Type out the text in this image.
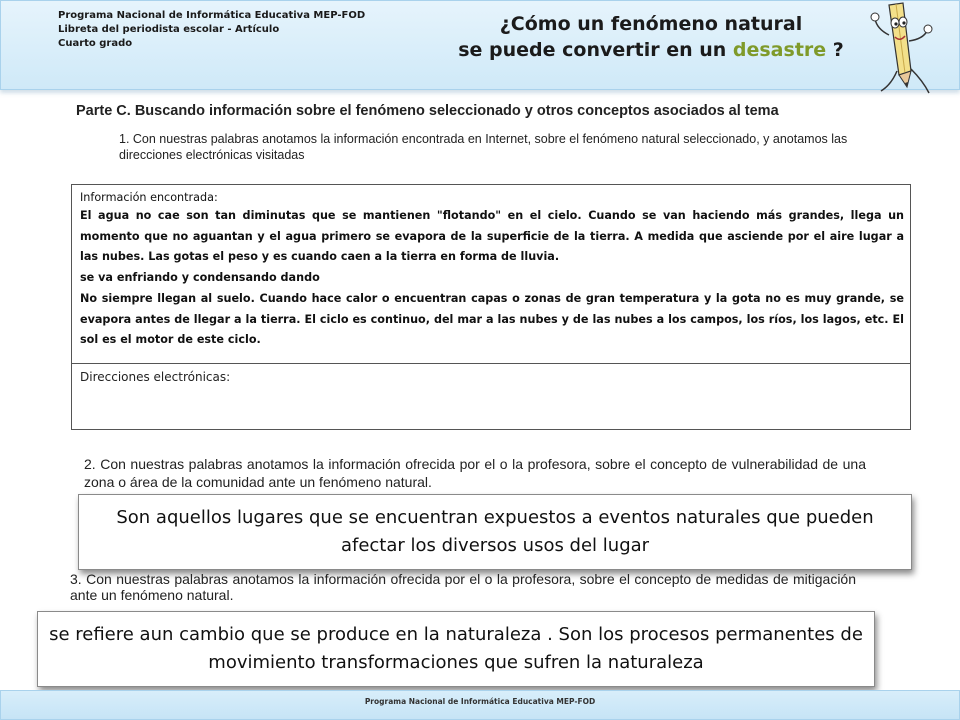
Programa Nacional de Informática Educativa MEP-FOD
Libreta del periodista escolar - Artículo
Cuarto grado
¿Cómo un fenómeno natural
se puede convertir en un desastre ?
Parte C. Buscando información sobre el fenómeno seleccionado y otros conceptos asociados al tema
1. Con nuestras palabras anotamos la información encontrada en Internet, sobre el fenómeno natural seleccionado, y anotamos las direcciones electrónicas visitadas
Información encontrada:
El agua no cae son tan diminutas que se mantienen "flotando" en el cielo. Cuando se van haciendo más grandes, llega un momento que no aguantan y el agua primero se evapora de la superficie de la tierra. A medida que asciende por el aire lugar a las nubes. Las gotas el peso y es cuando caen a la tierra en forma de lluvia.
se va enfriando y condensando dando
No siempre llegan al suelo. Cuando hace calor o encuentran capas o zonas de gran temperatura y la gota no es muy grande, se evapora antes de llegar a la tierra. El ciclo es continuo, del mar a las nubes y de las nubes a los campos, los ríos, los lagos, etc. El sol es el motor de este ciclo.
Direcciones electrónicas:
2. Con nuestras palabras anotamos la información ofrecida por el o la profesora, sobre el concepto de vulnerabilidad de una zona o área de la comunidad ante un fenómeno natural.
Son aquellos lugares que se encuentran expuestos a eventos naturales que pueden afectar los diversos usos del lugar
3. Con nuestras palabras anotamos la información ofrecida por el o la profesora, sobre el concepto de medidas de mitigación ante un fenómeno natural.
se refiere aun cambio que se produce en la naturaleza . Son los procesos permanentes de movimiento transformaciones que sufren la naturaleza
Programa Nacional de Informática Educativa MEP-FOD
